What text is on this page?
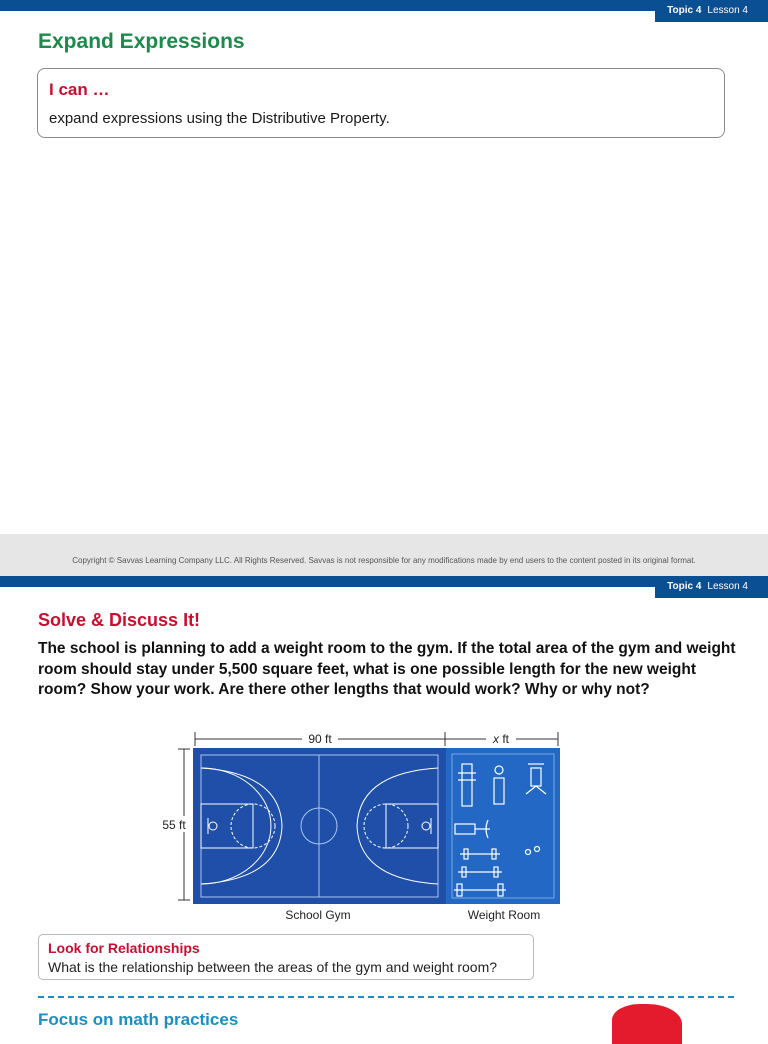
Topic 4 Lesson 4
Expand Expressions
I can …
expand expressions using the Distributive Property.
Copyright © Savvas Learning Company LLC. All Rights Reserved. Savvas is not responsible for any modifications made by end users to the content posted in its original format.
Topic 4 Lesson 4
Solve & Discuss It!
The school is planning to add a weight room to the gym. If the total area of the gym and weight room should stay under 5,500 square feet, what is one possible length for the new weight room? Show your work. Are there other lengths that would work? Why or why not?
90 ft	x ft
55 ft
School Gym	Weight Room
Look for Relationships
What is the relationship between the areas of the gym and weight room?
Focus on math practices
